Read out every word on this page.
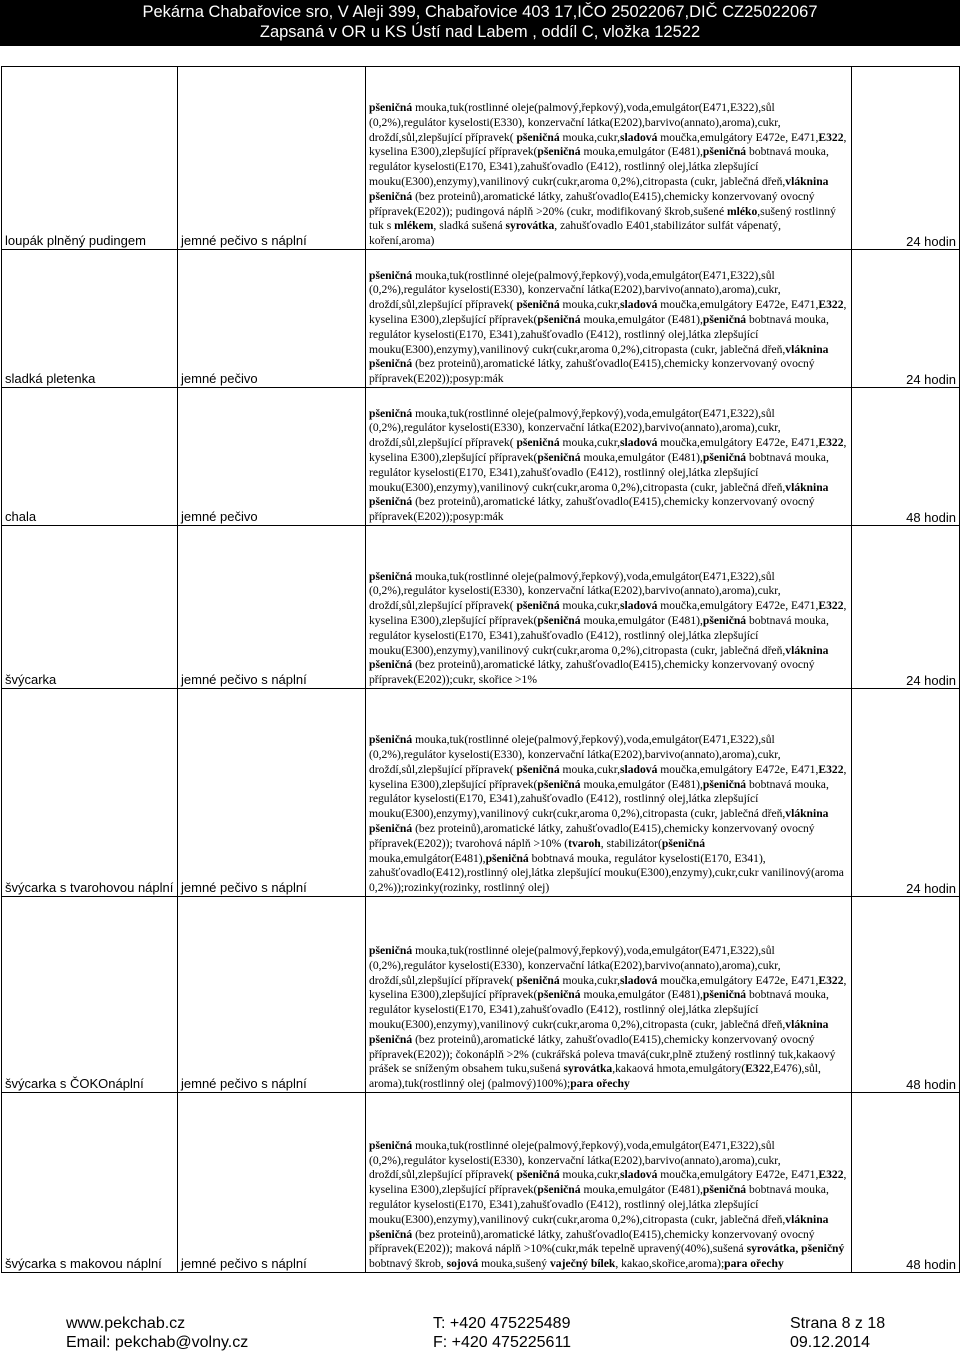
Pekárna Chabařovice sro, V Aleji 399, Chabařovice 403 17,IČO 25022067,DIČ CZ25022067
Zapsaná v OR u KS Ústí nad Labem , oddíl C, vložka 12522
loupák plněný pudingem	jemné pečivo s náplní	pšeničná mouka,tuk(rostlinné oleje(palmový,řepkový),voda,emulgátor(E471,E322),sůl (0,2%),regulátor kyselosti(E330), konzervační látka(E202),barvivo(annato),aroma),cukr, droždí,sůl,zlepšující přípravek( pšeničná mouka,cukr,sladová moučka,emulgátory E472e, E471,E322, kyselina E300),zlepšující přípravek(pšeničná mouka,emulgátor (E481),pšeničná bobtnavá mouka, regulátor kyselosti(E170, E341),zahušťovadlo (E412), rostlinný olej,látka zlepšující mouku(E300),enzymy),vanilinový cukr(cukr,aroma 0,2%),citropasta (cukr, jablečná dřeň,vláknina pšeničná (bez proteinů),aromatické látky, zahušťovadlo(E415),chemicky konzervovaný ovocný přípravek(E202)); pudingová náplň >20% (cukr, modifikovaný škrob,sušené mléko,sušený rostlinný tuk s mlékem, sladká sušená syrovátka, zahušťovadlo E401,stabilizátor sulfát vápenatý, koření,aroma)	24 hodin
sladká pletenka	jemné pečivo	pšeničná mouka,tuk(rostlinné oleje(palmový,řepkový),voda,emulgátor(E471,E322),sůl (0,2%),regulátor kyselosti(E330), konzervační látka(E202),barvivo(annato),aroma),cukr, droždí,sůl,zlepšující přípravek( pšeničná mouka,cukr,sladová moučka,emulgátory E472e, E471,E322, kyselina E300),zlepšující přípravek(pšeničná mouka,emulgátor (E481),pšeničná bobtnavá mouka, regulátor kyselosti(E170, E341),zahušťovadlo (E412), rostlinný olej,látka zlepšující mouku(E300),enzymy),vanilinový cukr(cukr,aroma 0,2%),citropasta (cukr, jablečná dřeň,vláknina pšeničná (bez proteinů),aromatické látky, zahušťovadlo(E415),chemicky konzervovaný ovocný přípravek(E202));posyp:mák	24 hodin
chala	jemné pečivo	pšeničná mouka,tuk(rostlinné oleje(palmový,řepkový),voda,emulgátor(E471,E322),sůl (0,2%),regulátor kyselosti(E330), konzervační látka(E202),barvivo(annato),aroma),cukr, droždí,sůl,zlepšující přípravek( pšeničná mouka,cukr,sladová moučka,emulgátory E472e, E471,E322, kyselina E300),zlepšující přípravek(pšeničná mouka,emulgátor (E481),pšeničná bobtnavá mouka, regulátor kyselosti(E170, E341),zahušťovadlo (E412), rostlinný olej,látka zlepšující mouku(E300),enzymy),vanilinový cukr(cukr,aroma 0,2%),citropasta (cukr, jablečná dřeň,vláknina pšeničná (bez proteinů),aromatické látky, zahušťovadlo(E415),chemicky konzervovaný ovocný přípravek(E202));posyp:mák	48 hodin
švýcarka	jemné pečivo s náplní	pšeničná mouka,tuk(rostlinné oleje(palmový,řepkový),voda,emulgátor(E471,E322),sůl (0,2%),regulátor kyselosti(E330), konzervační látka(E202),barvivo(annato),aroma),cukr, droždí,sůl,zlepšující přípravek( pšeničná mouka,cukr,sladová moučka,emulgátory E472e, E471,E322, kyselina E300),zlepšující přípravek(pšeničná mouka,emulgátor (E481),pšeničná bobtnavá mouka, regulátor kyselosti(E170, E341),zahušťovadlo (E412), rostlinný olej,látka zlepšující mouku(E300),enzymy),vanilinový cukr(cukr,aroma 0,2%),citropasta (cukr, jablečná dřeň,vláknina pšeničná (bez proteinů),aromatické látky, zahušťovadlo(E415),chemicky konzervovaný ovocný přípravek(E202));cukr, skořice >1%	24 hodin
švýcarka s tvarohovou náplní	jemné pečivo s náplní	pšeničná mouka,tuk(rostlinné oleje(palmový,řepkový),voda,emulgátor(E471,E322),sůl (0,2%),regulátor kyselosti(E330), konzervační látka(E202),barvivo(annato),aroma),cukr, droždí,sůl,zlepšující přípravek( pšeničná mouka,cukr,sladová moučka,emulgátory E472e, E471,E322, kyselina E300),zlepšující přípravek(pšeničná mouka,emulgátor (E481),pšeničná bobtnavá mouka, regulátor kyselosti(E170, E341),zahušťovadlo (E412), rostlinný olej,látka zlepšující mouku(E300),enzymy),vanilinový cukr(cukr,aroma 0,2%),citropasta (cukr, jablečná dřeň,vláknina pšeničná (bez proteinů),aromatické látky, zahušťovadlo(E415),chemicky konzervovaný ovocný přípravek(E202)); tvarohová náplň >10% (tvaroh, stabilizátor(pšeničná mouka,emulgátor(E481),pšeničná bobtnavá mouka, regulátor kyselosti(E170, E341), zahušťovadlo(E412),rostlinný olej,látka zlepšující mouku(E300),enzymy),cukr,cukr vanilinový(aroma 0,2%));rozinky(rozinky, rostlinný olej)	24 hodin
švýcarka s ČOKOnáplní	jemné pečivo s náplní	pšeničná mouka,tuk(rostlinné oleje(palmový,řepkový),voda,emulgátor(E471,E322),sůl (0,2%),regulátor kyselosti(E330), konzervační látka(E202),barvivo(annato),aroma),cukr, droždí,sůl,zlepšující přípravek( pšeničná mouka,cukr,sladová moučka,emulgátory E472e, E471,E322, kyselina E300),zlepšující přípravek(pšeničná mouka,emulgátor (E481),pšeničná bobtnavá mouka, regulátor kyselosti(E170, E341),zahušťovadlo (E412), rostlinný olej,látka zlepšující mouku(E300),enzymy),vanilinový cukr(cukr,aroma 0,2%),citropasta (cukr, jablečná dřeň,vláknina pšeničná (bez proteinů),aromatické látky, zahušťovadlo(E415),chemicky konzervovaný ovocný přípravek(E202)); čokonáplň >2% (cukrářská poleva tmavá(cukr,plně ztužený rostlinný tuk,kakaový prášek se sníženým obsahem tuku,sušená syrovátka,kakaová hmota,emulgátory(E322,E476),sůl, aroma),tuk(rostlinný olej (palmový)100%);para ořechy	48 hodin
švýcarka s makovou náplní	jemné pečivo s náplní	pšeničná mouka,tuk(rostlinné oleje(palmový,řepkový),voda,emulgátor(E471,E322),sůl (0,2%),regulátor kyselosti(E330), konzervační látka(E202),barvivo(annato),aroma),cukr, droždí,sůl,zlepšující přípravek( pšeničná mouka,cukr,sladová moučka,emulgátory E472e, E471,E322, kyselina E300),zlepšující přípravek(pšeničná mouka,emulgátor (E481),pšeničná bobtnavá mouka, regulátor kyselosti(E170, E341),zahušťovadlo (E412), rostlinný olej,látka zlepšující mouku(E300),enzymy),vanilinový cukr(cukr,aroma 0,2%),citropasta (cukr, jablečná dřeň,vláknina pšeničná (bez proteinů),aromatické látky, zahušťovadlo(E415),chemicky konzervovaný ovocný přípravek(E202)); maková náplň >10%(cukr,mák tepelně upravený(40%),sušená syrovátka, pšeničný bobtnavý škrob, sojová mouka,sušený vaječný bílek, kakao,skořice,aroma);para ořechy	48 hodin
www.pekchab.cz
Email: pekchab@volny.cz
T: +420 475225489
F: +420 475225611
Strana 8 z 18
09.12.2014
